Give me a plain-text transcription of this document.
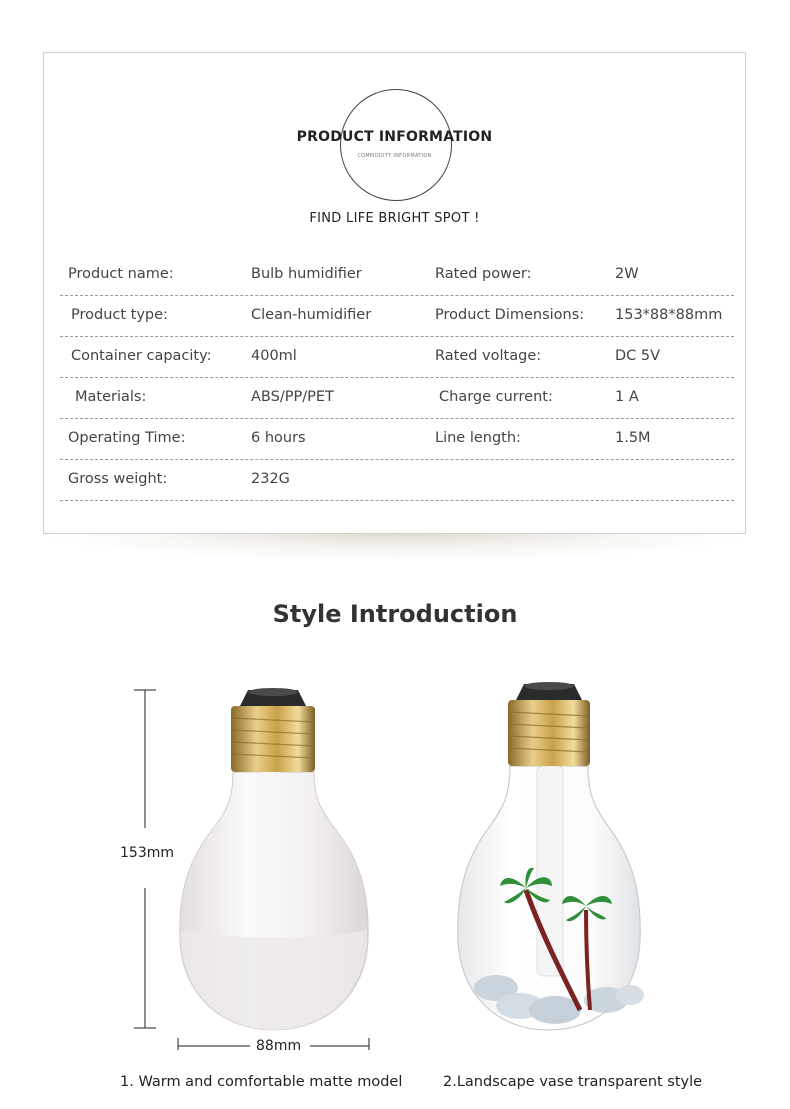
PRODUCT INFORMATION
COMMODITY INFORMATION
FIND LIFE BRIGHT SPOT !
Product name:	Bulb humidifier	Rated power:	2W
Product type:	Clean-humidifier	Product Dimensions: 153*88*88mm
Container capacity:	400ml	Rated voltage:	DC 5V
Materials:	ABS/PP/PET	Charge current:	1 A
Operating Time:	6 hours	Line length:	1.5M
Gross weight:	232G
Style Introduction
153mm
88mm
1. Warm and comfortable matte model	2.Landscape vase transparent style
